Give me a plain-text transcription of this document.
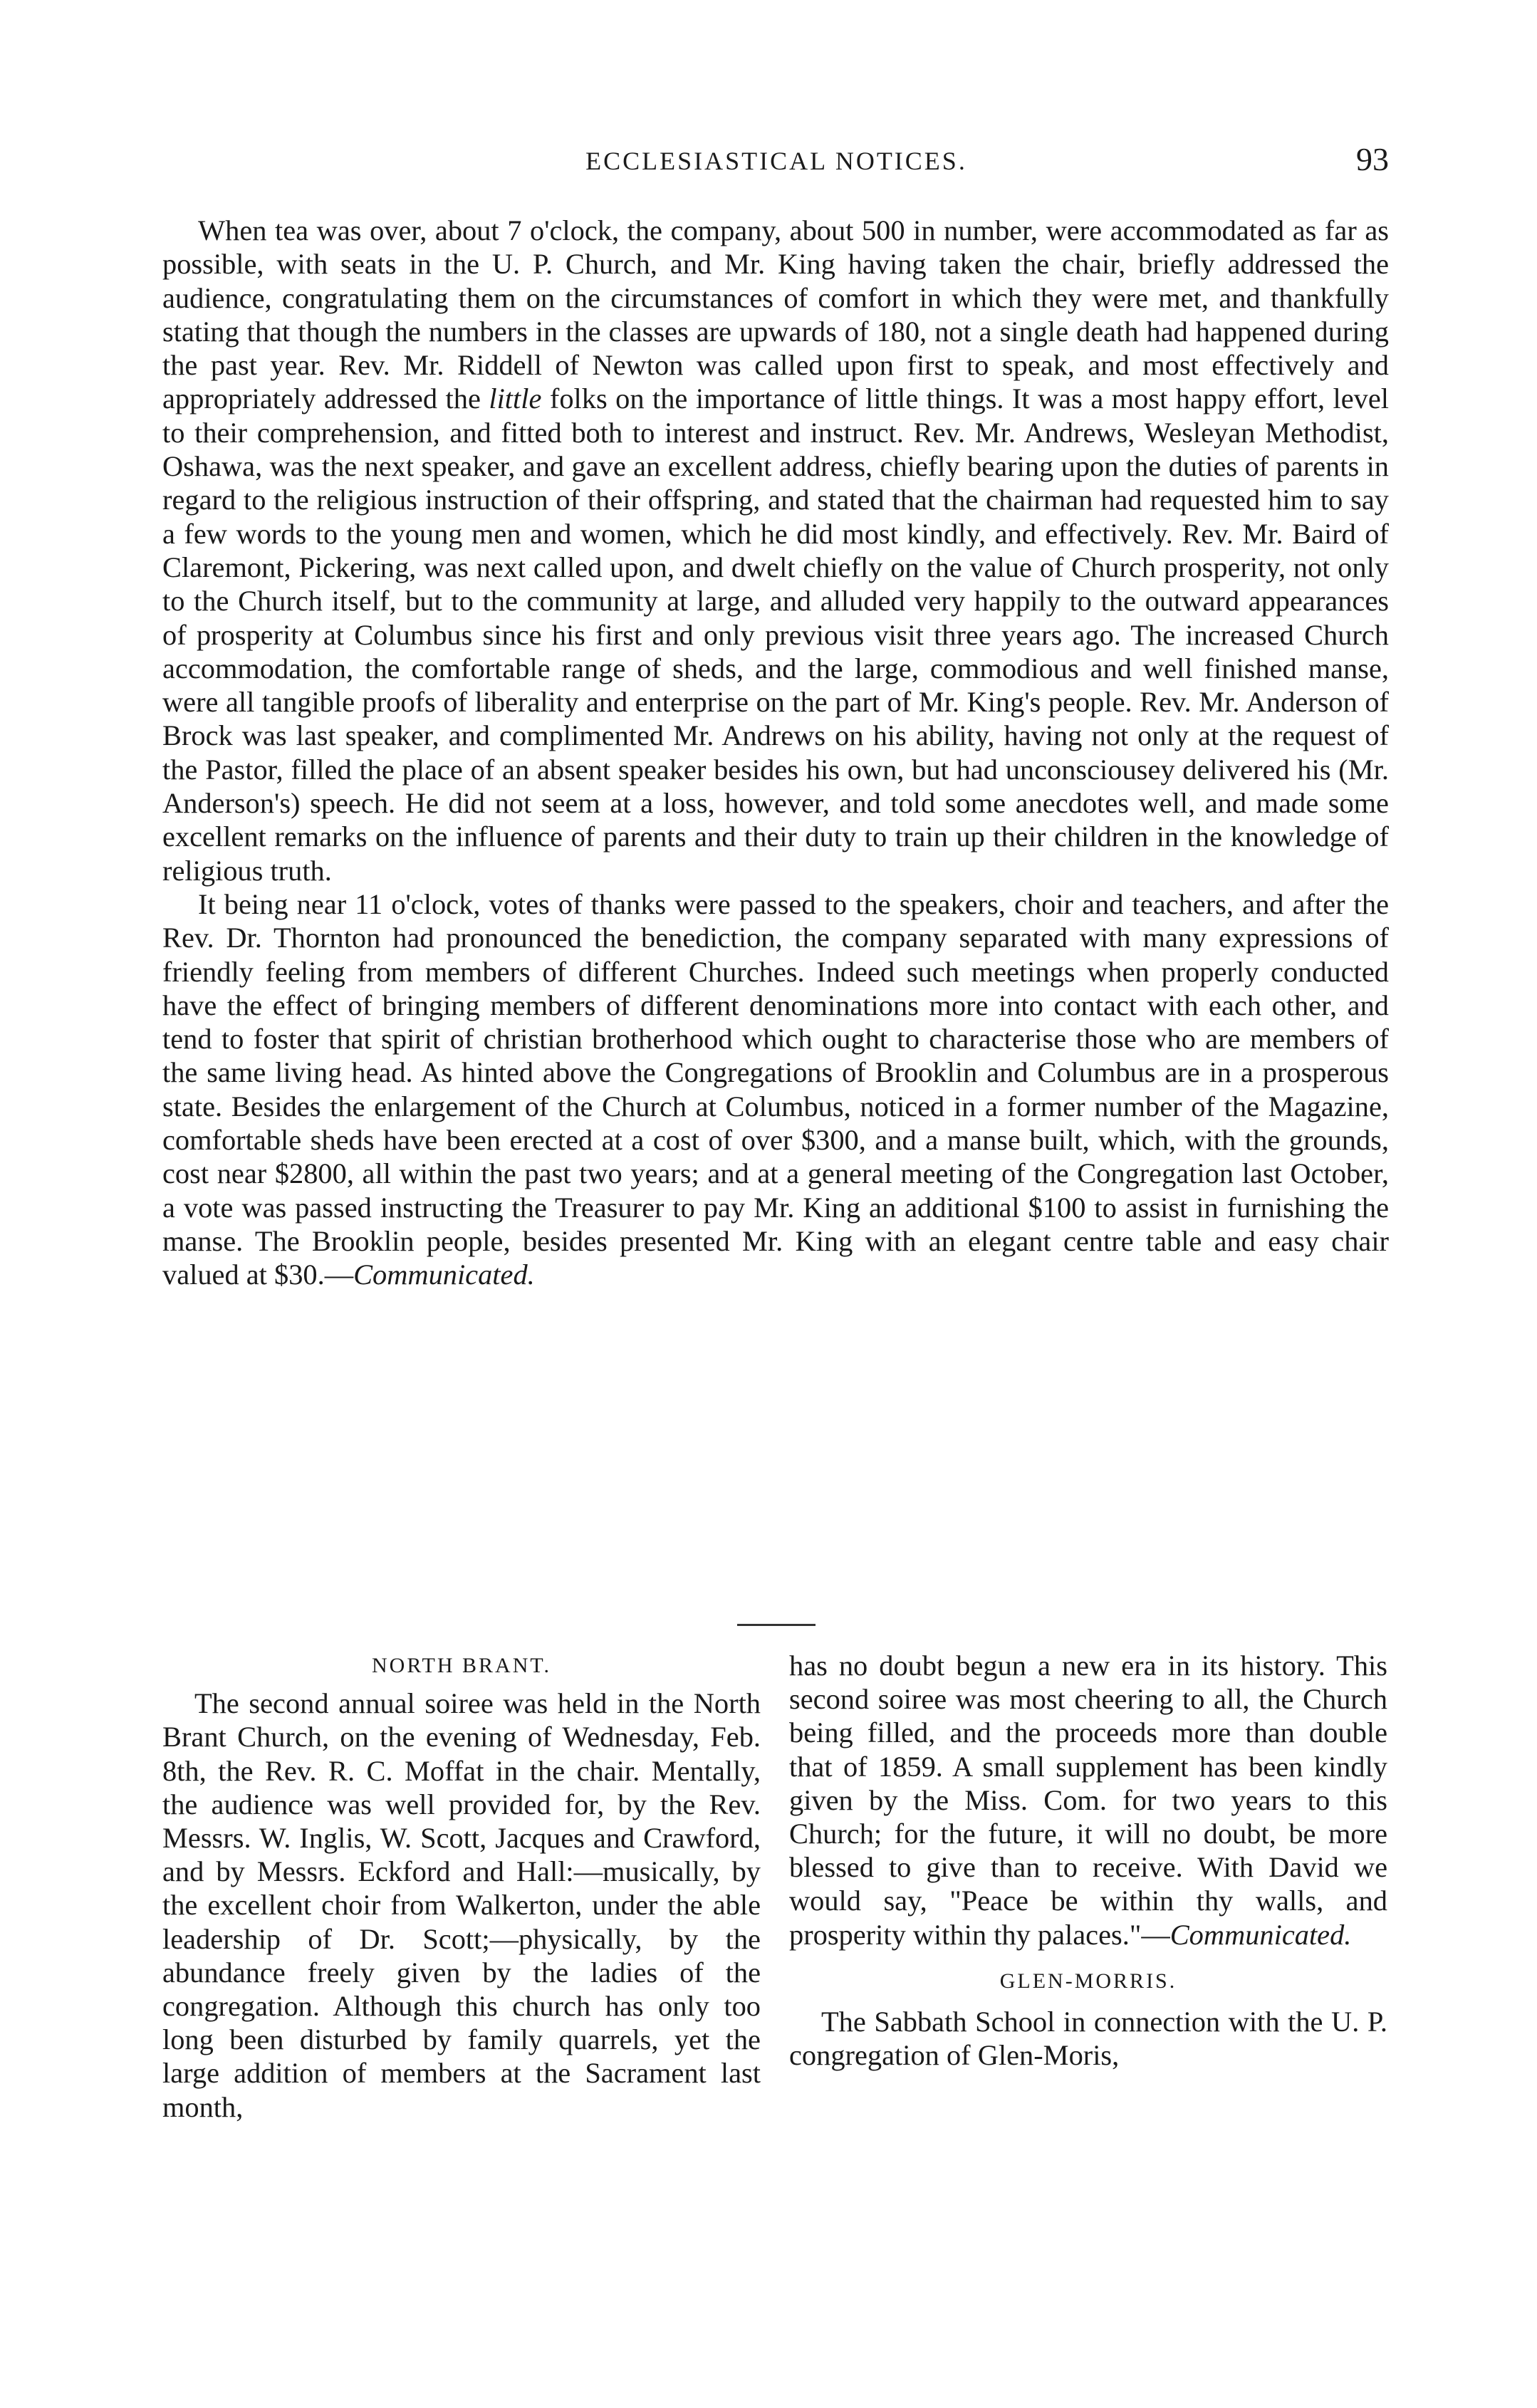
ECCLESIASTICAL NOTICES.	93

When tea was over, about 7 o'clock, the company, about 500 in number, were accommodated as far as possible, with seats in the U. P. Church, and Mr. King having taken the chair, briefly addressed the audience, congratulating them on the circumstances of comfort in which they were met, and thankfully stating that though the numbers in the classes are upwards of 180, not a single death had happened during the past year. Rev. Mr. Riddell of Newton was called upon first to speak, and most effectively and appropriately addressed the little folks on the importance of little things. It was a most happy effort, level to their comprehension, and fitted both to interest and instruct. Rev. Mr. Andrews, Wesleyan Methodist, Oshawa, was the next speaker, and gave an excellent address, chiefly bearing upon the duties of parents in regard to the religious instruction of their offspring, and stated that the chairman had requested him to say a few words to the young men and women, which he did most kindly, and effectively. Rev. Mr. Baird of Claremont, Pickering, was next called upon, and dwelt chiefly on the value of Church prosperity, not only to the Church itself, but to the community at large, and alluded very happily to the outward appearances of prosperity at Columbus since his first and only previous visit three years ago. The increased Church accommodation, the comfortable range of sheds, and the large, commodious and well finished manse, were all tangible proofs of liberality and enterprise on the part of Mr. King's people. Rev. Mr. Anderson of Brock was last speaker, and complimented Mr. Andrews on his ability, having not only at the request of the Pastor, filled the place of an absent speaker besides his own, but had unconsciousey delivered his (Mr. Anderson's) speech. He did not seem at a loss, however, and told some anecdotes well, and made some excellent remarks on the influence of parents and their duty to train up their children in the knowledge of religious truth.

It being near 11 o'clock, votes of thanks were passed to the speakers, choir and teachers, and after the Rev. Dr. Thornton had pronounced the benediction, the company separated with many expressions of friendly feeling from members of different Churches. Indeed such meetings when properly conducted have the effect of bringing members of different denominations more into contact with each other, and tend to foster that spirit of christian brotherhood which ought to characterise those who are members of the same living head. As hinted above the Congregations of Brooklin and Columbus are in a prosperous state. Besides the enlargement of the Church at Columbus, noticed in a former number of the Magazine, comfortable sheds have been erected at a cost of over $300, and a manse built, which, with the grounds, cost near $2800, all within the past two years; and at a general meeting of the Congregation last October, a vote was passed instructing the Treasurer to pay Mr. King an additional $100 to assist in furnishing the manse. The Brooklin people, besides presented Mr. King with an elegant centre table and easy chair valued at $30.—Communicated.

NORTH BRANT.

The second annual soiree was held in the North Brant Church, on the evening of Wednesday, Feb. 8th, the Rev. R. C. Moffat in the chair. Mentally, the audience was well provided for, by the Rev. Messrs. W. Inglis, W. Scott, Jacques and Crawford, and by Messrs. Eckford and Hall:—musically, by the excellent choir from Walkerton, under the able leadership of Dr. Scott;—physically, by the abundance freely given by the ladies of the congregation. Although this church has only too long been disturbed by family quarrels, yet the large addition of members at the Sacrament last month,

has no doubt begun a new era in its history. This second soiree was most cheering to all, the Church being filled, and the proceeds more than double that of 1859. A small supplement has been kindly given by the Miss. Com. for two years to this Church; for the future, it will no doubt, be more blessed to give than to receive. With David we would say, "Peace be within thy walls, and prosperity within thy palaces."—Communicated.

GLEN-MORRIS.

The Sabbath School in connection with the U. P. congregation of Glen-Moris,
